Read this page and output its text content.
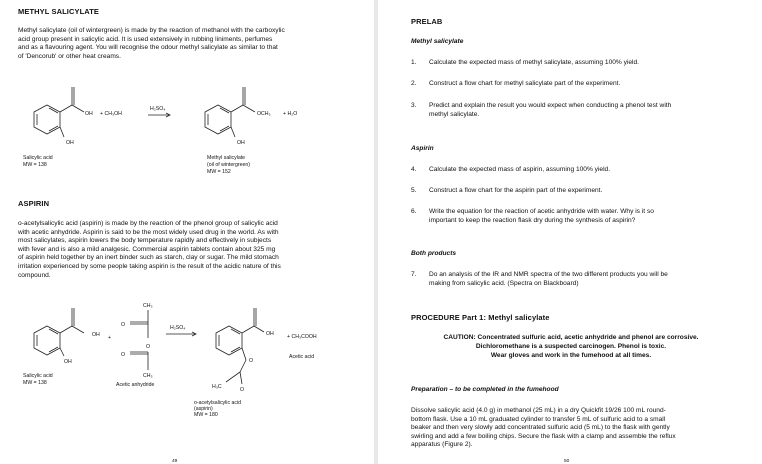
METHYL SALICYLATE
Methyl salicylate (oil of wintergreen) is made by the reaction of methanol with the carboxylic
acid group present in salicylic acid. It is used extensively in rubbing liniments, perfumes
and as a flavouring agent. You will recognise the odour methyl salicylate as similar to that
of 'Dencorub' or other heat creams.
OH
OH
+ CH₃OH
H₂SO₄
OCH₃ + H₂O
OH
Salicylic acid
MW = 138
Methyl salicylate
(oil of wintergreen)
MW = 152
ASPIRIN
o-acetylsalicylic acid (aspirin) is made by the reaction of the phenol group of salicylic acid
with acetic anhydride. Aspirin is said to be the most widely used drug in the world. As with
most salicylates, aspirin lowers the body temperature rapidly and effectively in subjects
with fever and is also a mild analgesic. Commercial aspirin tablets contain about 325 mg
of aspirin held together by an inert binder such as starch, clay or sugar. The mild stomach
irritation experienced by some people taking aspirin is the result of the acidic nature of this
compound.
OH
OH
+
CH₃
O
O
O
CH₃
H₂SO₄
OH	+ CH₃COOH
Acetic acid
O
O
H₃C
Salicylic acid
MW = 138	Acetic anhydride
o-acetylsalicylic acid
(aspirin)
MW = 180
49
PRELAB
Methyl salicylate
1. Calculate the expected mass of methyl salicylate, assuming 100% yield.
2. Construct a flow chart for methyl salicylate part of the experiment.
3. Predict and explain the result you would expect when conducting a phenol test with
methyl salicylate.
Aspirin
4. Calculate the expected mass of aspirin, assuming 100% yield.
5. Construct a flow chart for the aspirin part of the experiment.
6. Write the equation for the reaction of acetic anhydride with water. Why is it so
important to keep the reaction flask dry during the synthesis of aspirin?
Both products
7. Do an analysis of the IR and NMR spectra of the two different products you will be
making from salicylic acid. (Spectra on Blackboard)
PROCEDURE Part 1: Methyl salicylate
CAUTION: Concentrated sulfuric acid, acetic anhydride and phenol are corrosive.
Dichloromethane is a suspected carcinogen. Phenol is toxic.
Wear gloves and work in the fumehood at all times.
Preparation – to be completed in the fumehood
Dissolve salicylic acid (4.0 g) in methanol (25 mL) in a dry Quickfit 19/26 100 mL round-
bottom flask. Use a 10 mL graduated cylinder to transfer 5 mL of sulfuric acid to a small
beaker and then very slowly add concentrated sulfuric acid (5 mL) to the flask with gently
swirling and add a few boiling chips. Secure the flask with a clamp and assemble the reflux
apparatus (Figure 2).
50
